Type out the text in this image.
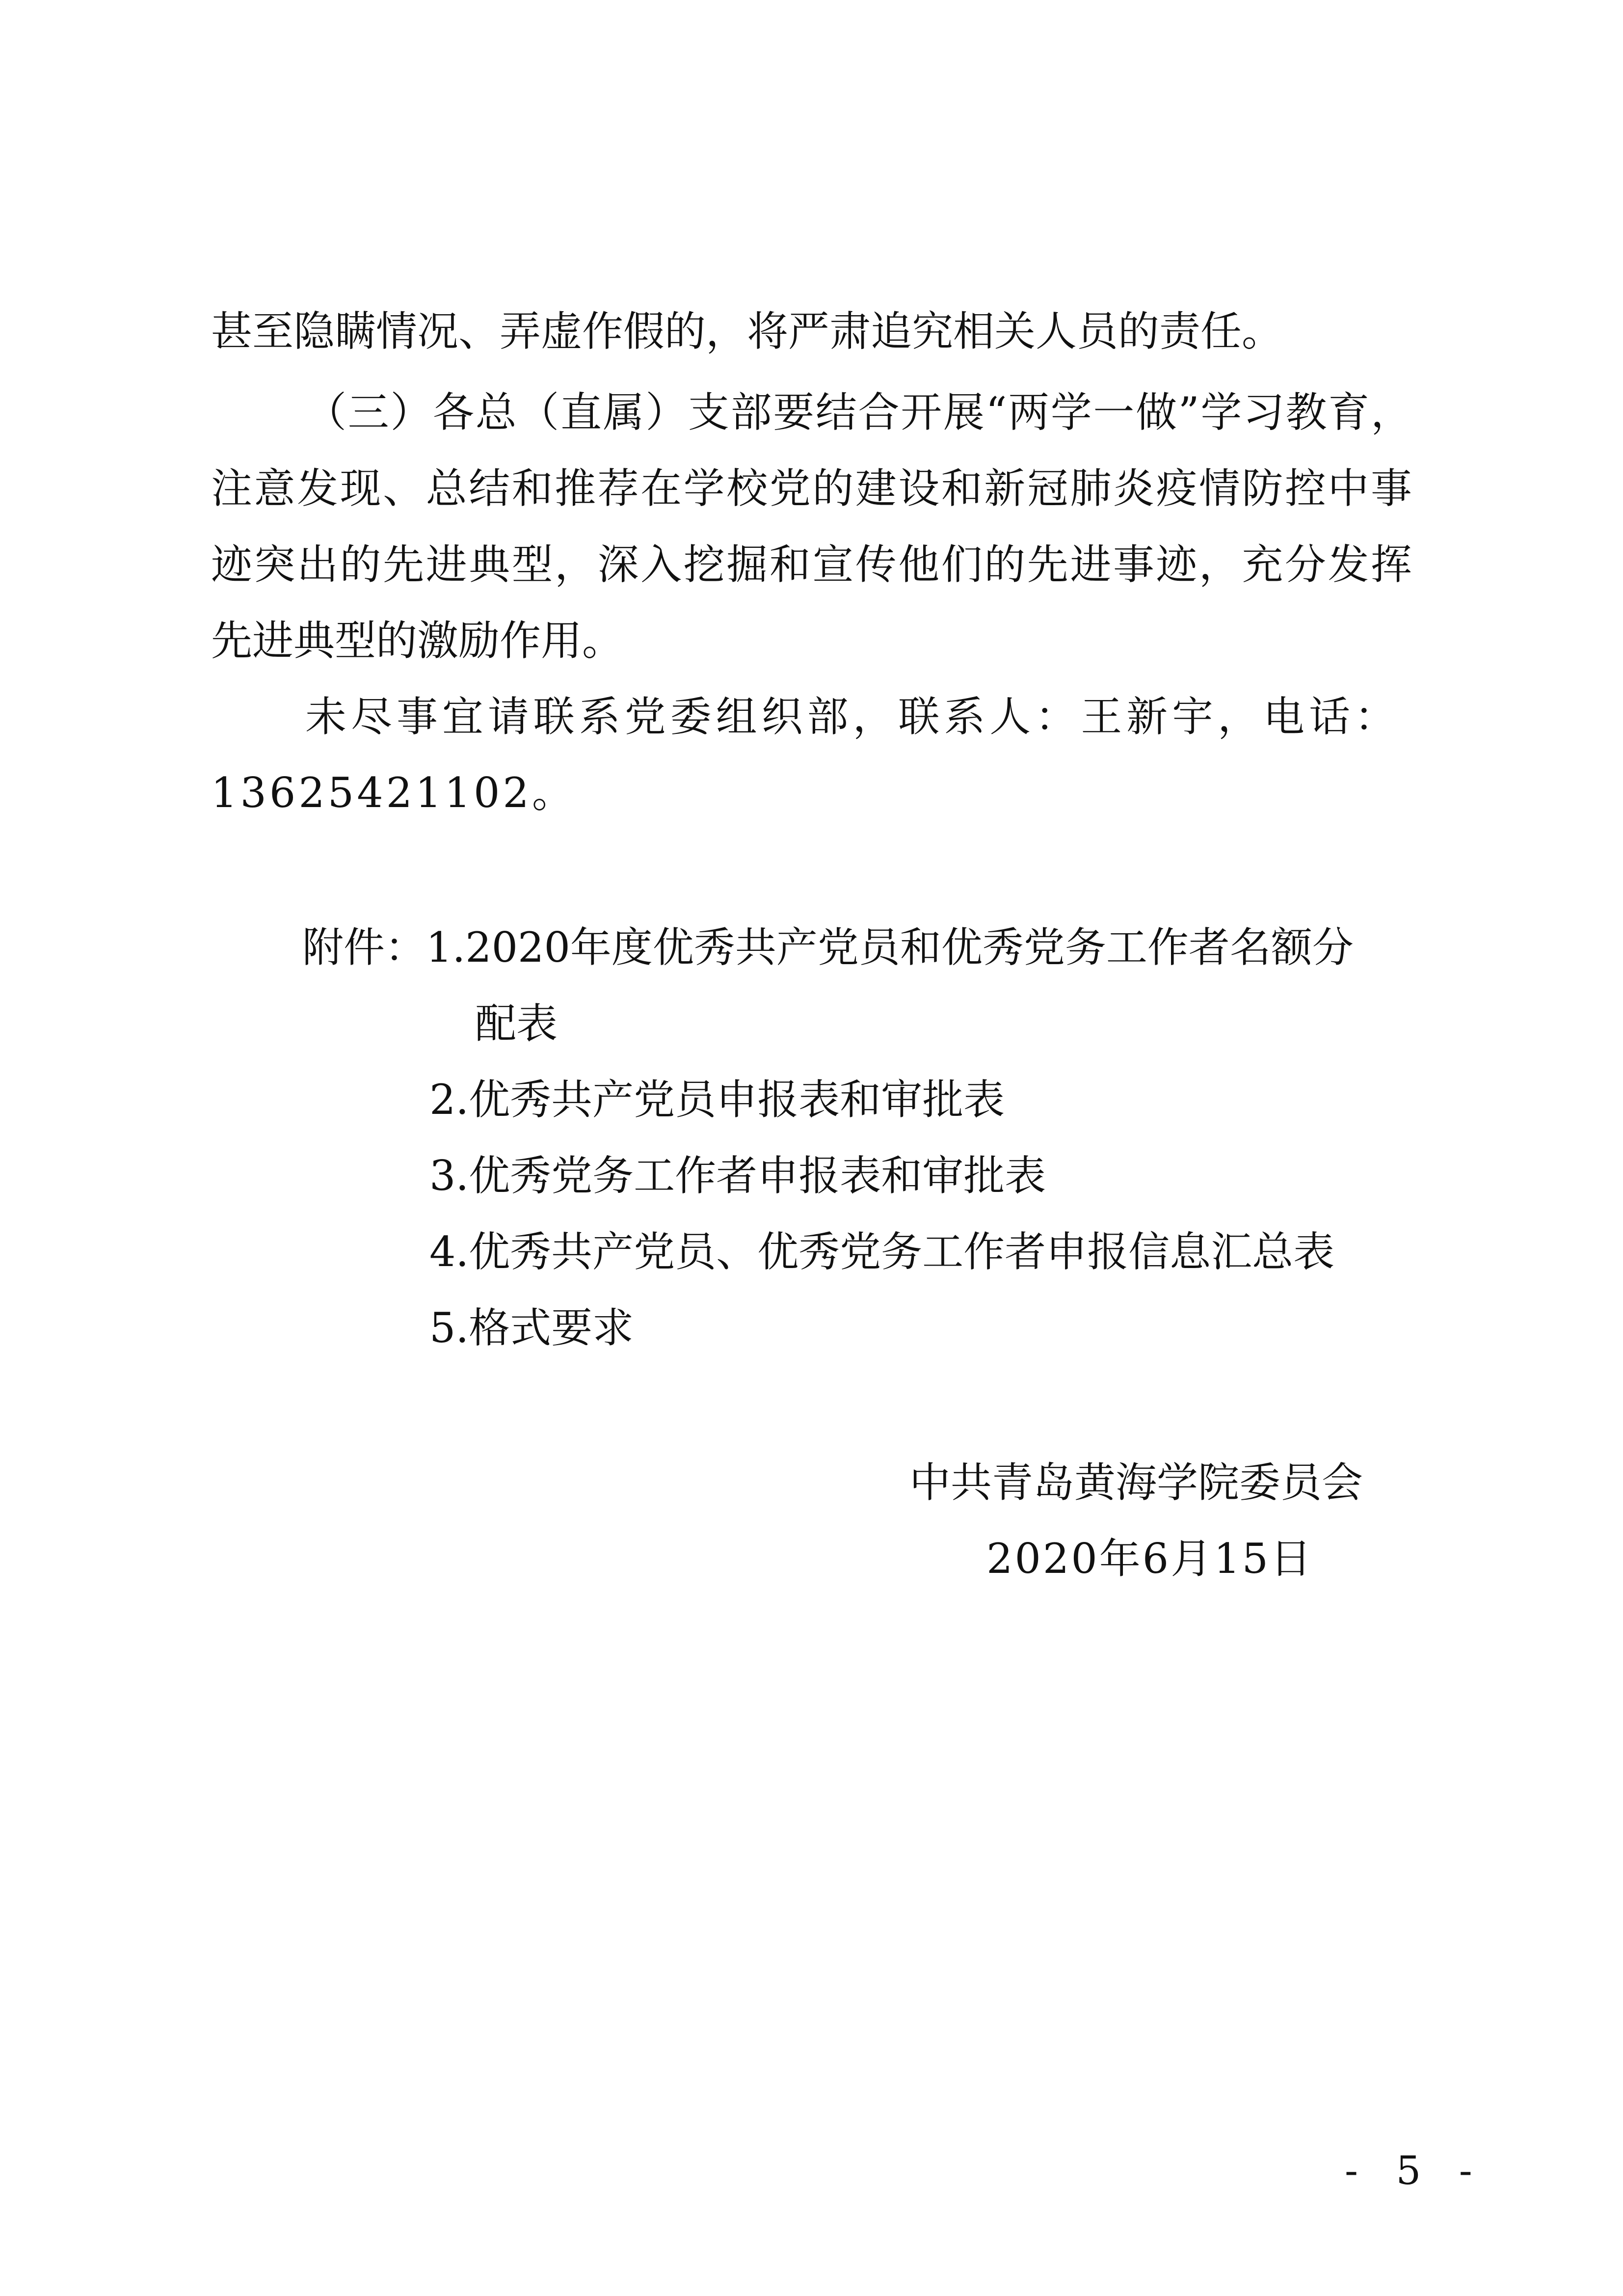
甚至隐瞒情况、弄虚作假的，将严肃追究相关人员的责任。
（ 三 ） 各 总 （ 直 属 ） 支 部 要 结 合 开 展 “ 两 学 一 做 ” 学 习 教 育 ，
注 意 发 现 、 总 结 和 推 荐 在 学 校 党 的 建 设 和 新 冠 肺 炎 疫 情 防 控 中 事
迹 突 出 的 先 进 典 型 ， 深 入 挖 掘 和 宣 传 他 们 的 先 进 事 迹 ， 充 分 发 挥
先进典型的激励作用。
未 尽 事 宜 请 联 系 党 委 组 织 部 ， 联 系 人 ： 王 新 宇 ， 电 话 ：
13625421102。
附件：1.2020年度优秀共产党员和优秀党务工作者名额分
配表
2.优秀共产党员申报表和审批表
3.优秀党务工作者申报表和审批表
4.优秀共产党员、优秀党务工作者申报信息汇总表
5.格式要求
中共青岛黄海学院委员会
2020年6月15日
- 5 -
